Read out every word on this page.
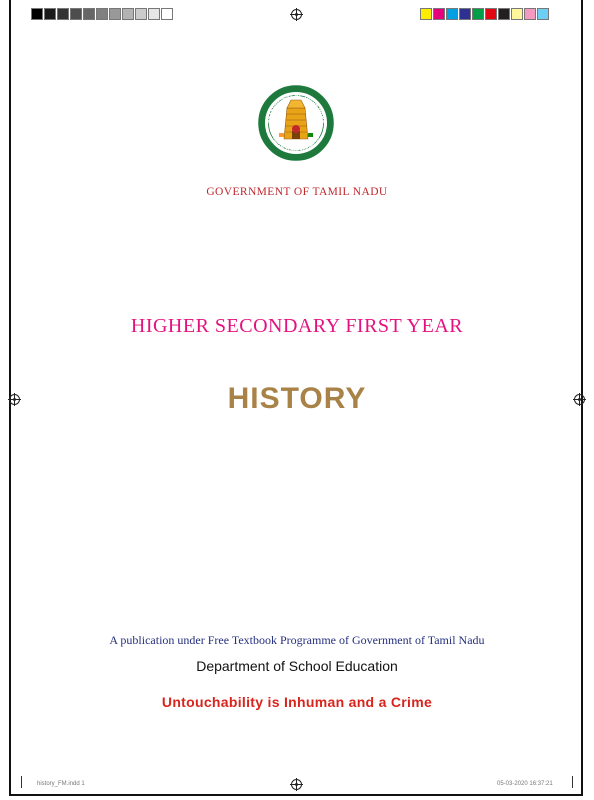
GOVERNMENT OF TAMIL NADU
TRUTH ALONE TRIUMPHS
GOVERNMENT OF TAMIL NADU
HIGHER SECONDARY FIRST YEAR
HISTORY
A publication under Free Textbook Programme of Government of Tamil Nadu
Department of School Education
Untouchability is Inhuman and a Crime
history_FM.indd 1	05-03-2020 16:37:21
